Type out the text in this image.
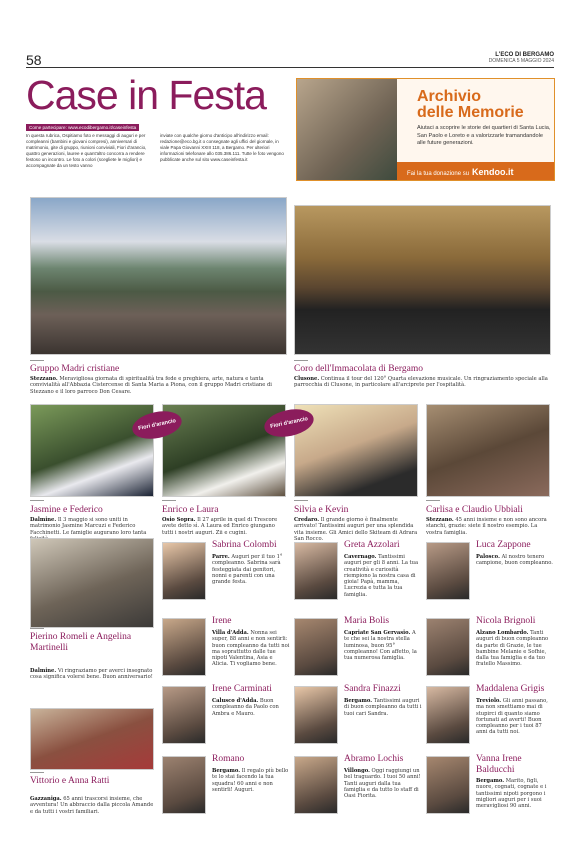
58	L'ECO DI BERGAMO
DOMENICA 5 MAGGIO 2024
Case in Festa
Come partecipare: www.ecodibergamo.it/caseinfesta
In questa rubrica, Ospitiamo foto e messaggi di auguri e per compleanni (bambini e giovani compresi), anniversari di matrimonio, gite di gruppo, riunioni conviviali, Fiori d'arancio, quattro generazioni, lauree e quant'altro concorra a rendere festoso un incontro. Le foto a colori (scegliete le migliori) e accompagnate da un testo vanno
inviate con qualche giorno d'anticipo all'indirizzo email: redazione@eco.bg.it o consegnate agli uffici del giornale, in viale Papa Giovanni XXIII 118, a Bergamo. Per ulteriori informazioni telefonare allo 035.386.111. Tutte le foto vengono pubblicate anche sul sito www.caseinfesta.it
Archivio
delle Memorie
Aiutaci a scoprire le storie dei quartieri di Santa Lucia, San Paolo e Loreto e a valorizzarle tramandandole alle future generazioni.
Fai la tua donazione su Kendoo.it
Gruppo Madri cristiane
Stezzano. Meravigliosa giornata di spiritualità tra fede e preghiera, arte, natura e tanta convivialità all'Abbazia Cistercense di Santa Maria a Piona, con il gruppo Madri cristiane di Stezzano e il loro parroco Don Cesare.
Coro dell'Immacolata di Bergamo
Clusone. Continua il tour del 120° Quarta elevazione musicale. Un ringraziamento speciale alla parrocchia di Clusone, in particolare all'arciprete per l'ospitalità.
Fiori d'arancio	Fiori d'arancio
Jasmine e Federico
Dalmine. Il 3 maggio si sono uniti in matrimonio Jasmine Marcuzi e Federico Facchinetti. Le famiglie augurano loro tanta
Enrico e Laura
Osio Sopra. Il 27 aprile in quel di Trescore avete detto sì. A Laura ed Enrico giungano tutti i nostri auguri. Zii e cugini.
Silvia e Kevin
Credaro. Il grande giorno è finalmente arrivato! Tantissimi auguri per una splendida vita insieme. Gli Amici dello Skiteam di Adrara San Rocco.
Carlisa e Claudio Ubbiali
Stezzano. 45 anni insieme e non sono ancora stanchi, grazie: siete il nostro esempio. La vostra famiglia.
Pierino Romeli e Angelina Martinelli
Dalmine. Vi ringraziamo per averci insegnato cosa significa volersi bene. Buon anniversario!
Vittorio e Anna Ratti
Gazzaniga. 65 anni trascorsi insieme, che avventura! Un abbraccio dalla piccola Amande e da tutti i vostri familiari.
Sabrina Colombi
Parre. Auguri per il tuo 1° compleanno. Sabrina sarà festeggiata dai genitori, nonni e parenti con una grande festa.
Irene
Villa d'Adda. Nonna sei super, 88 anni e non sentirli: buon compleanno da tutti noi ma soprattutto dalle tue nipoti Valentina, Asia e Alicia. Ti vogliamo bene.
Irene Carminati
Calusco d'Adda. Buon compleanno da Paolo con Ambra e Mauro.
Romano
Bergamo. Il regalo più bello te lo stai facendo la tua squadra! 60 anni e non sentirli! Auguri.
Greta Azzolari
Cavernago. Tantissimi auguri per gli 8 anni. La tua creatività e curiosità riempiono la nostra casa di gioia! Papà, mamma, Lucrezia e tutta la tua famiglia.
Maria Bolis
Capriate San Gervasio. A te che sei la nostra stella luminosa, buon 95° compleanno! Con affetto, la tua numerosa famiglia.
Sandra Finazzi
Bergamo. Tantissimi auguri di buon compleanno da tutti i tuoi cari Sandra.
Abramo Lochis
Villongo. Oggi raggiungi un bel traguardo. I tuoi 50 anni! Tanti auguri dalla tua famiglia e da tutto lo staff di Oasi Fiorita.
Luca Zappone
Paloscо. Al nostro tenero campione, buon compleanno.
Nicola Brignoli
Alzano Lombardo. Tanti auguri di buon compleanno da parte di Grazie, le tue bambine Melanie e Sofhie, dalla tua famiglia e da tuo fratello Massimo.
Maddalena Grigis
Treviolo. Gli anni passano, ma non smettiamo mai di stupirci di quanto siamo fortunati ad averti! Buon compleanno per i tuoi 87 anni da tutti noi.
Vanna Irene Balducchi
Bergamo. Marito, figli, nuore, cognati, cognate e i tantissimi nipoti porgono i migliori auguri per i suoi meravigliosi 90 anni.
